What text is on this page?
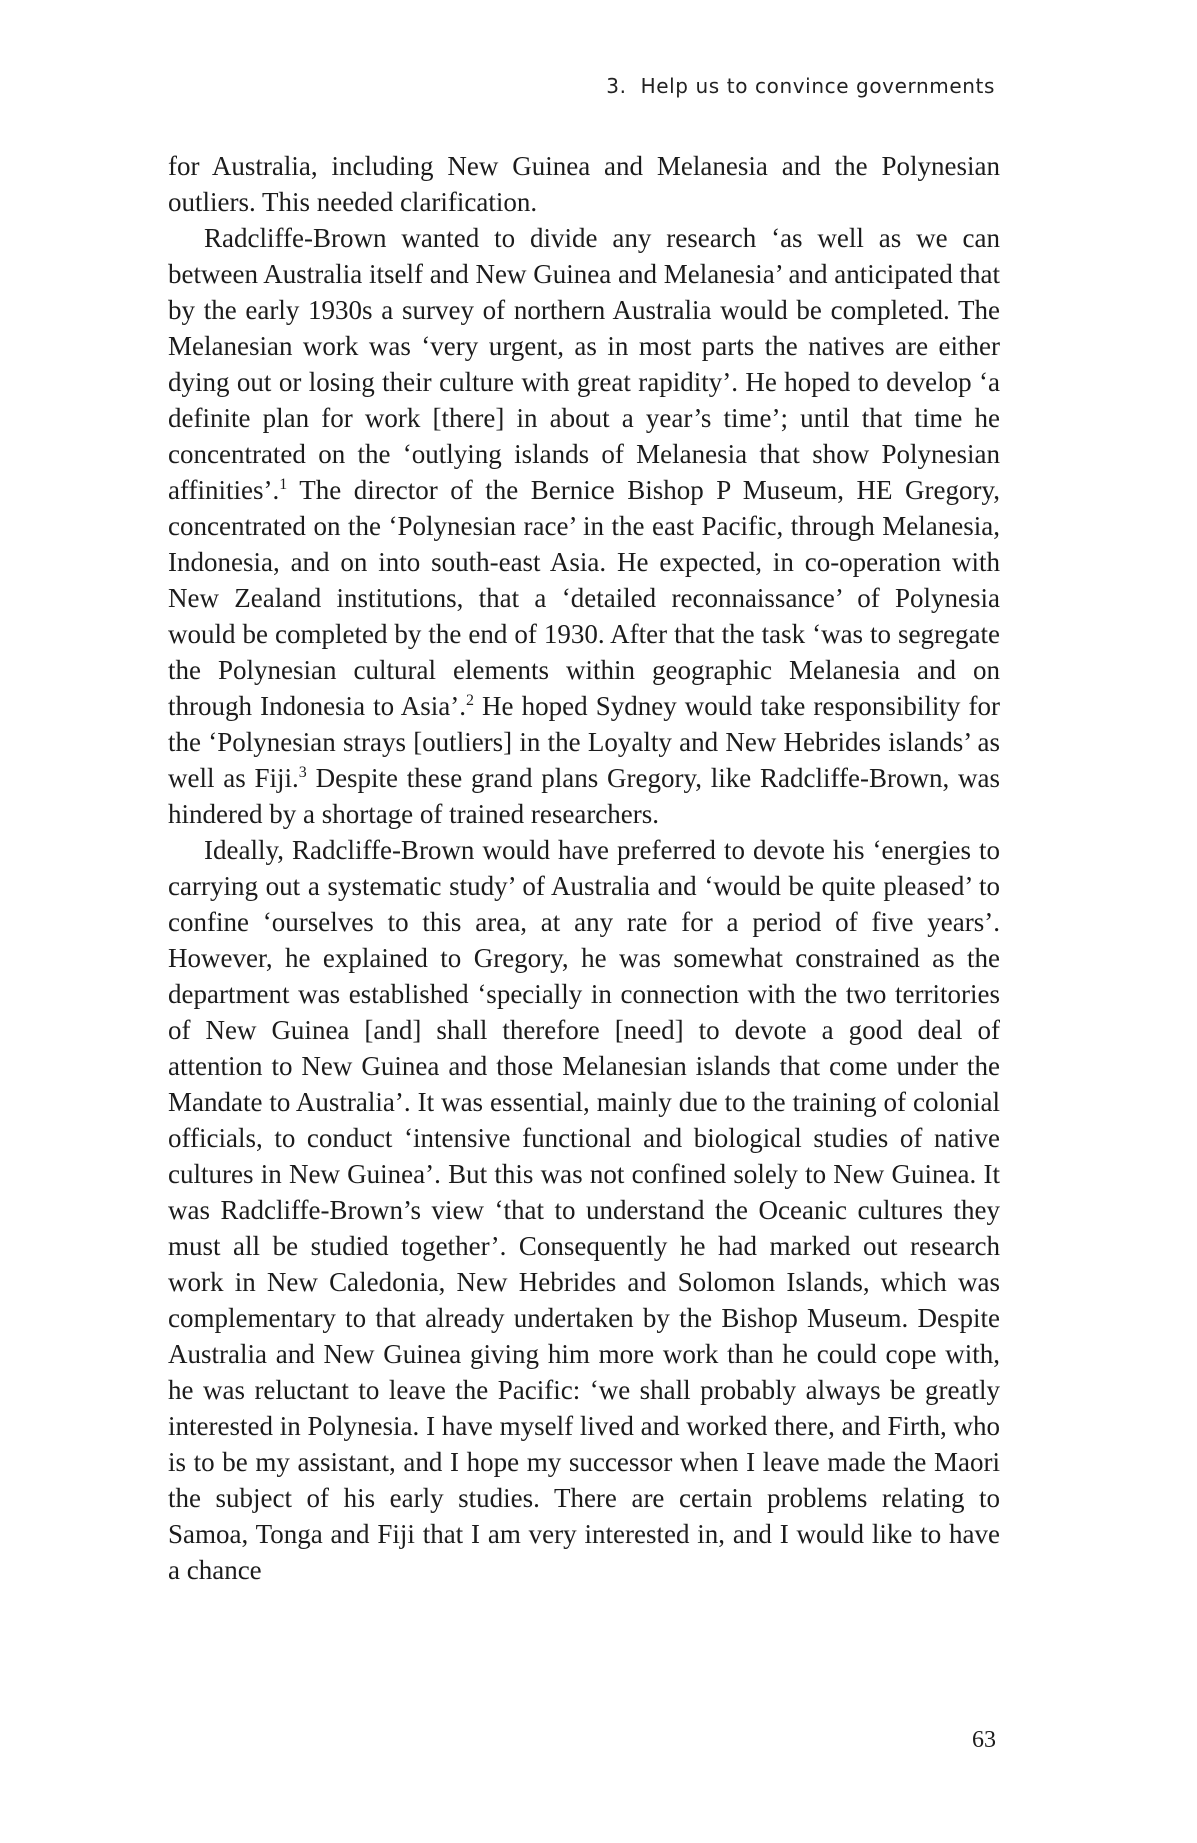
3. Help us to convince governments

for Australia, including New Guinea and Melanesia and the Polynesian outliers. This needed clarification.

Radcliffe-Brown wanted to divide any research ‘as well as we can between Australia itself and New Guinea and Melanesia’ and anticipated that by the early 1930s a survey of northern Australia would be completed. The Melanesian work was ‘very urgent, as in most parts the natives are either dying out or losing their culture with great rapidity’. He hoped to develop ‘a definite plan for work [there] in about a year’s time’; until that time he concentrated on the ‘outlying islands of Melanesia that show Polynesian affinities’.$^1$ The director of the Bernice Bishop P Museum, HE Gregory, concentrated on the ‘Polynesian race’ in the east Pacific, through Melanesia, Indonesia, and on into south-east Asia. He expected, in co-operation with New Zealand institutions, that a ‘detailed reconnaissance’ of Polynesia would be completed by the end of 1930. After that the task ‘was to segregate the Polynesian cultural elements within geographic Melanesia and on through Indonesia to Asia’.$^2$ He hoped Sydney would take responsibility for the ‘Polynesian strays [outliers] in the Loyalty and New Hebrides islands’ as well as Fiji.$^3$ Despite these grand plans Gregory, like Radcliffe-Brown, was hindered by a shortage of trained researchers.

Ideally, Radcliffe-Brown would have preferred to devote his ‘energies to carrying out a systematic study’ of Australia and ‘would be quite pleased’ to confine ‘ourselves to this area, at any rate for a period of five years’. However, he explained to Gregory, he was somewhat constrained as the department was established ‘specially in connection with the two territories of New Guinea [and] shall therefore [need] to devote a good deal of attention to New Guinea and those Melanesian islands that come under the Mandate to Australia’. It was essential, mainly due to the training of colonial officials, to conduct ‘intensive functional and biological studies of native cultures in New Guinea’. But this was not confined solely to New Guinea. It was Radcliffe-Brown’s view ‘that to understand the Oceanic cultures they must all be studied together’. Consequently he had marked out research work in New Caledonia, New Hebrides and Solomon Islands, which was complementary to that already undertaken by the Bishop Museum. Despite Australia and New Guinea giving him more work than he could cope with, he was reluctant to leave the Pacific: ‘we shall probably always be greatly interested in Polynesia. I have myself lived and worked there, and Firth, who is to be my assistant, and I hope my successor when I leave made the Maori the subject of his early studies. There are certain problems relating to Samoa, Tonga and Fiji that I am very interested in, and I would like to have a chance

63
